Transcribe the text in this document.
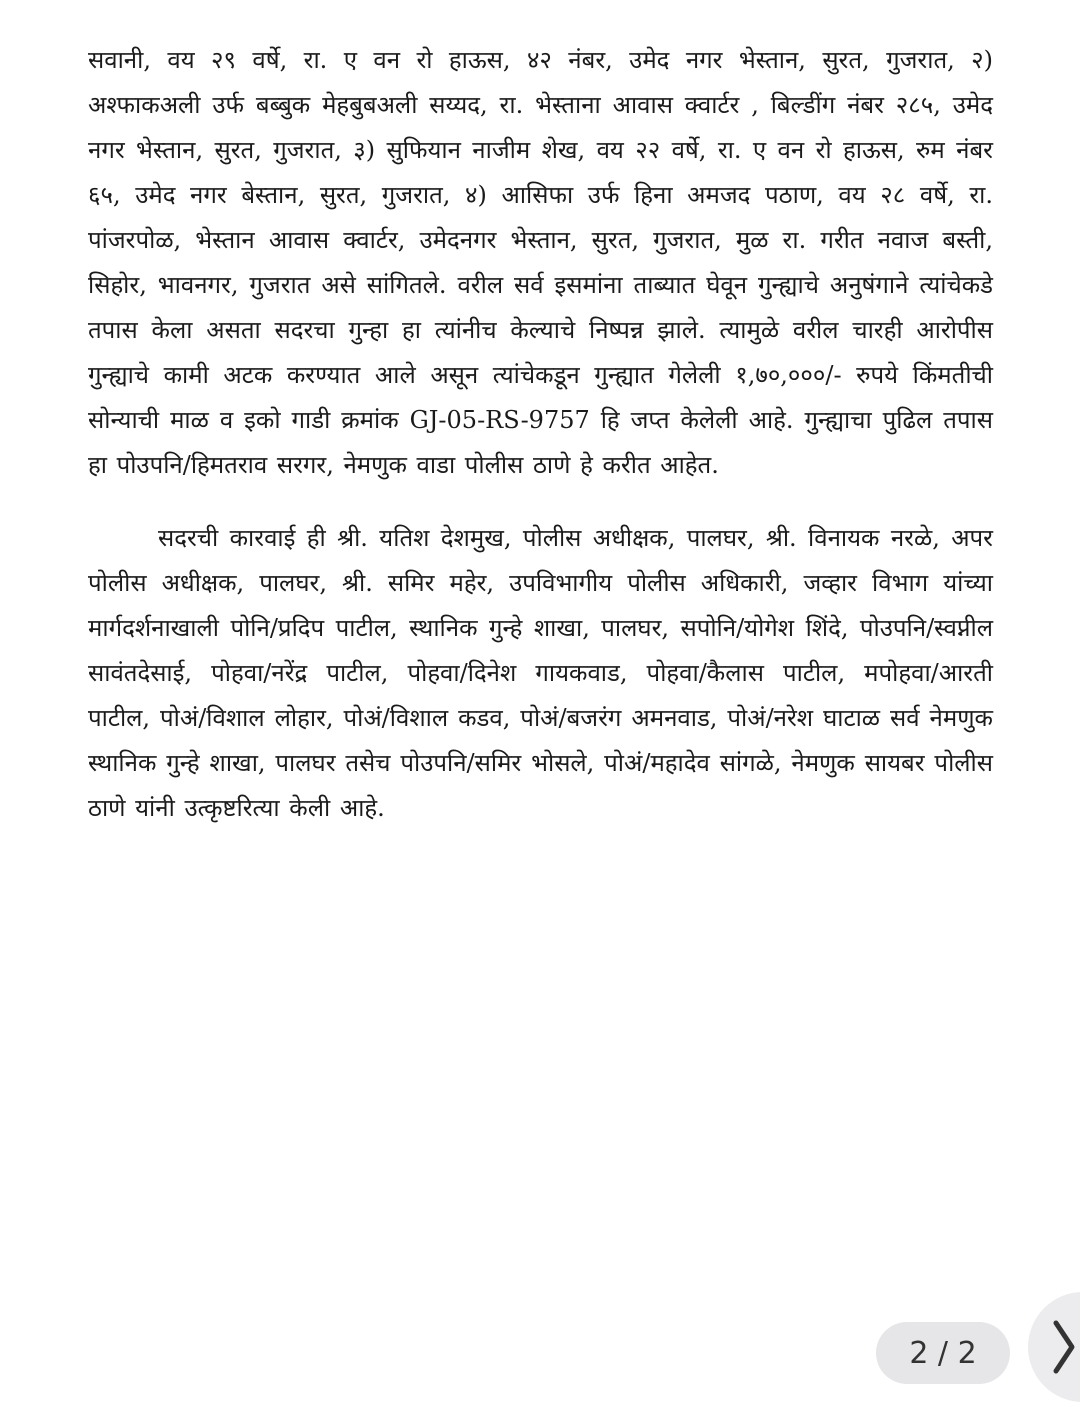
सवानी, वय २९ वर्षे, रा. ए वन रो हाऊस, ४२ नंबर, उमेद नगर भेस्तान, सुरत, गुजरात, २) अश्फाकअली उर्फ बब्बुक मेहबुबअली सय्यद, रा. भेस्ताना आवास क्वार्टर , बिल्डींग नंबर २८५, उमेद नगर भेस्तान, सुरत, गुजरात, ३) सुफियान नाजीम शेख, वय २२ वर्षे, रा. ए वन रो हाऊस, रुम नंबर ६५, उमेद नगर बेस्तान, सुरत, गुजरात, ४) आसिफा उर्फ हिना अमजद पठाण, वय २८ वर्षे, रा. पांजरपोळ, भेस्तान आवास क्वार्टर, उमेदनगर भेस्तान, सुरत, गुजरात, मुळ रा. गरीत नवाज बस्ती, सिहोर, भावनगर, गुजरात असे सांगितले. वरील सर्व इसमांना ताब्यात घेवून गुन्ह्याचे अनुषंगाने त्यांचेकडे तपास केला असता सदरचा गुन्हा हा त्यांनीच केल्याचे निष्पन्न झाले. त्यामुळे वरील चारही आरोपीस गुन्ह्याचे कामी अटक करण्यात आले असून त्यांचेकडून गुन्ह्यात गेलेली १,७०,०००/- रुपये किंमतीची सोन्याची माळ व इको गाडी क्रमांक GJ-05-RS-9757 हि जप्त केलेली आहे. गुन्ह्याचा पुढिल तपास हा पोउपनि/हिमतराव सरगर, नेमणुक वाडा पोलीस ठाणे हे करीत आहेत.

सदरची कारवाई ही श्री. यतिश देशमुख, पोलीस अधीक्षक, पालघर, श्री. विनायक नरळे, अपर पोलीस अधीक्षक, पालघर, श्री. समिर महेर, उपविभागीय पोलीस अधिकारी, जव्हार विभाग यांच्या मार्गदर्शनाखाली पोनि/प्रदिप पाटील, स्थानिक गुन्हे शाखा, पालघर, सपोनि/योगेश शिंदे, पोउपनि/स्वप्नील सावंतदेसाई, पोहवा/नरेंद्र पाटील, पोहवा/दिनेश गायकवाड, पोहवा/कैलास पाटील, मपोहवा/आरती पाटील, पोअं/विशाल लोहार, पोअं/विशाल कडव, पोअं/बजरंग अमनवाड, पोअं/नरेश घाटाळ सर्व नेमणुक स्थानिक गुन्हे शाखा, पालघर तसेच पोउपनि/समिर भोसले, पोअं/महादेव सांगळे, नेमणुक सायबर पोलीस ठाणे यांनी उत्कृष्टरित्या केली आहे.

2 / 2
